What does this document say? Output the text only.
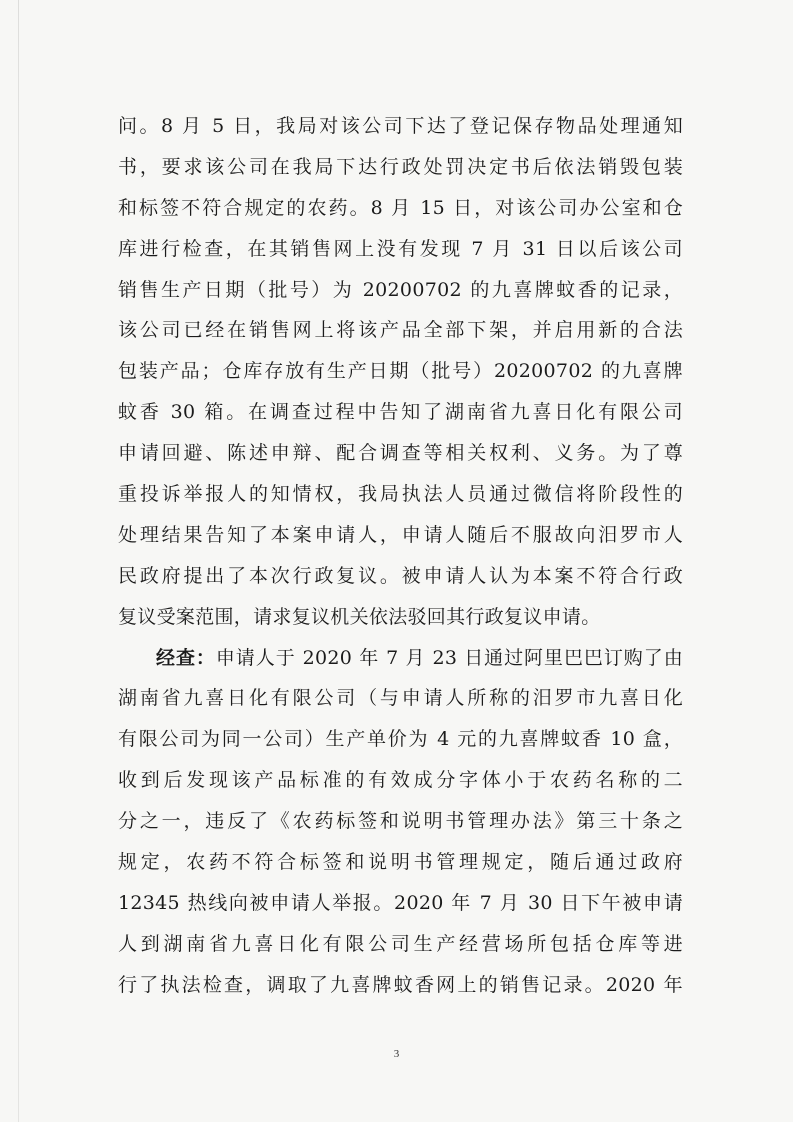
问。8 月 5 日，我局对该公司下达了登记保存物品处理通知
书，要求该公司在我局下达行政处罚决定书后依法销毁包装
和标签不符合规定的农药。8 月 15 日，对该公司办公室和仓
库进行检查，在其销售网上没有发现 7 月 31 日以后该公司
销售生产日期（批号）为 20200702 的九喜牌蚊香的记录，
该公司已经在销售网上将该产品全部下架，并启用新的合法
包装产品；仓库存放有生产日期（批号）20200702 的九喜牌
蚊香 30 箱。在调查过程中告知了湖南省九喜日化有限公司
申请回避、陈述申辩、配合调查等相关权利、义务。为了尊
重投诉举报人的知情权，我局执法人员通过微信将阶段性的
处理结果告知了本案申请人，申请人随后不服故向汨罗市人
民政府提出了本次行政复议。被申请人认为本案不符合行政
复议受案范围，请求复议机关依法驳回其行政复议申请。
经查：申请人于 2020 年 7 月 23 日通过阿里巴巴订购了由
湖南省九喜日化有限公司（与申请人所称的汨罗市九喜日化
有限公司为同一公司）生产单价为 4 元的九喜牌蚊香 10 盒，
收到后发现该产品标准的有效成分字体小于农药名称的二
分之一，违反了《农药标签和说明书管理办法》第三十条之
规定，农药不符合标签和说明书管理规定，随后通过政府
12345 热线向被申请人举报。2020 年 7 月 30 日下午被申请
人到湖南省九喜日化有限公司生产经营场所包括仓库等进
行了执法检查，调取了九喜牌蚊香网上的销售记录。2020 年
3
